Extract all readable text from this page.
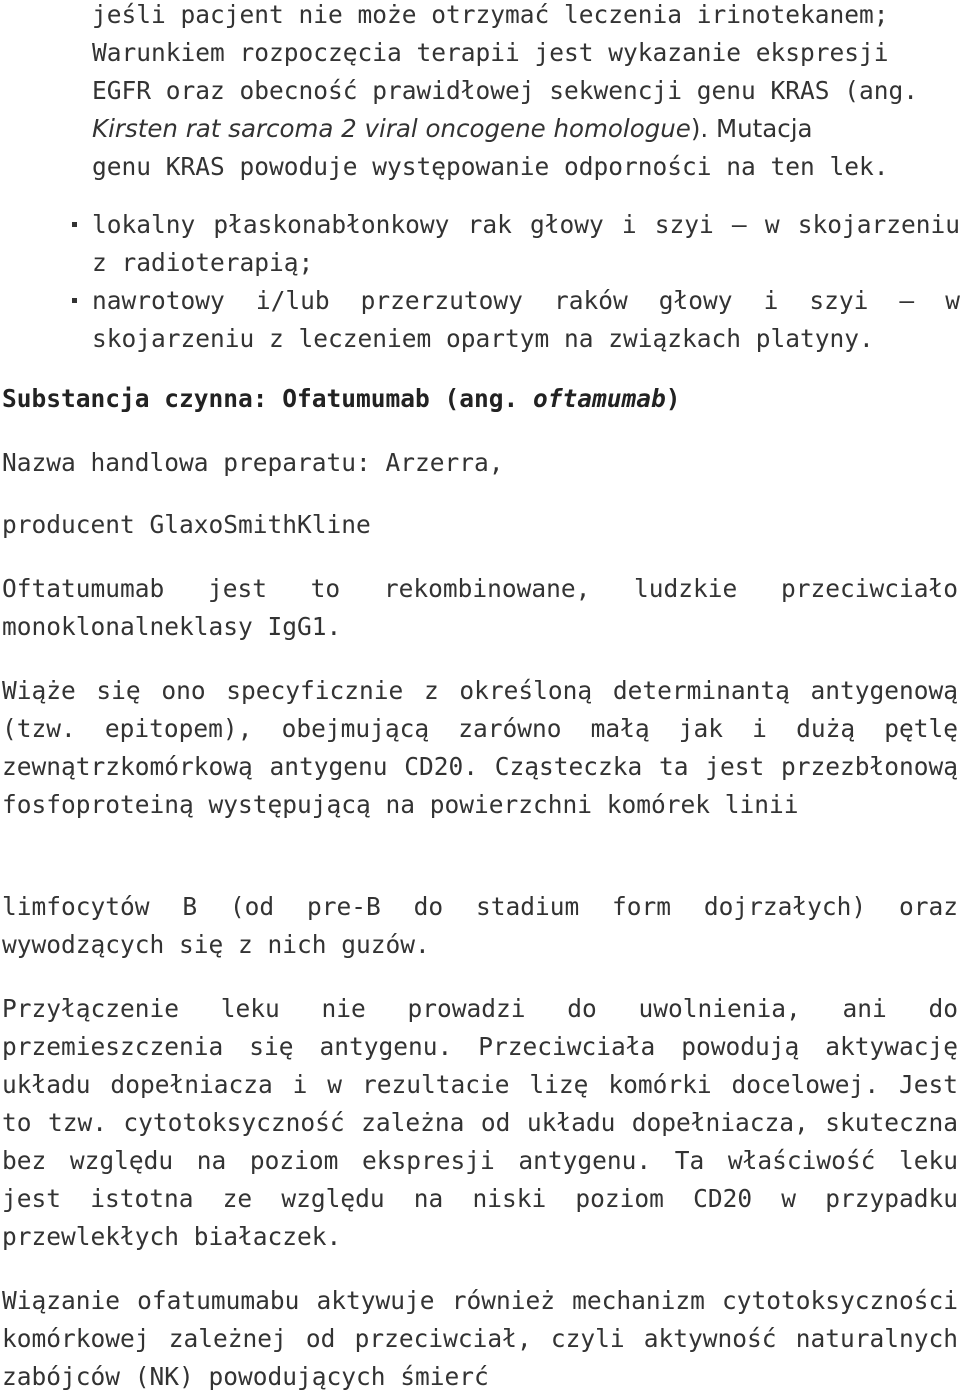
jeśli pacjent nie może otrzymać leczenia irinotekanem;

Warunkiem rozpoczęcia terapii jest wykazanie ekspresji

EGFR oraz obecność prawidłowej sekwencji genu KRAS (ang.

Kirsten rat sarcoma 2 viral oncogene homologue). Mutacja

genu KRAS powoduje występowanie odporności na ten lek.

lokalny płaskonabłonkowy rak głowy i szyi – w skojarzeniu z radioterapią;
nawrotowy i/lub przerzutowy raków głowy i szyi – w skojarzeniu z leczeniem opartym na związkach platyny.
Substancja czynna: Ofatumumab (ang. oftamumab)

Nazwa handlowa preparatu: Arzerra,

producent GlaxoSmithKline

Oftatumumab jest to rekombinowane, ludzkie przeciwciało monoklonalneklasy IgG1.

Wiąże się ono specyficznie z określoną determinantą antygenową (tzw. epitopem), obejmującą zarówno małą jak i dużą pętlę zewnątrzkomórkową antygenu CD20. Cząsteczka ta jest przezbłonową fosfoproteiną występującą na powierzchni komórek linii

limfocytów B (od pre-B do stadium form dojrzałych) oraz wywodzących się z nich guzów.

Przyłączenie leku nie prowadzi do uwolnienia, ani do przemieszczenia się antygenu. Przeciwciała powodują aktywację układu dopełniacza i w rezultacie lizę komórki docelowej. Jest to tzw. cytotoksyczność zależna od układu dopełniacza, skuteczna bez względu na poziom ekspresji antygenu. Ta właściwość leku jest istotna ze względu na niski poziom CD20 w przypadku przewlekłych białaczek.

Wiązanie ofatumumabu aktywuje również mechanizm cytotoksyczności komórkowej zależnej od przeciwciał, czyli aktywność naturalnych zabójców (NK) powodujących śmierć
